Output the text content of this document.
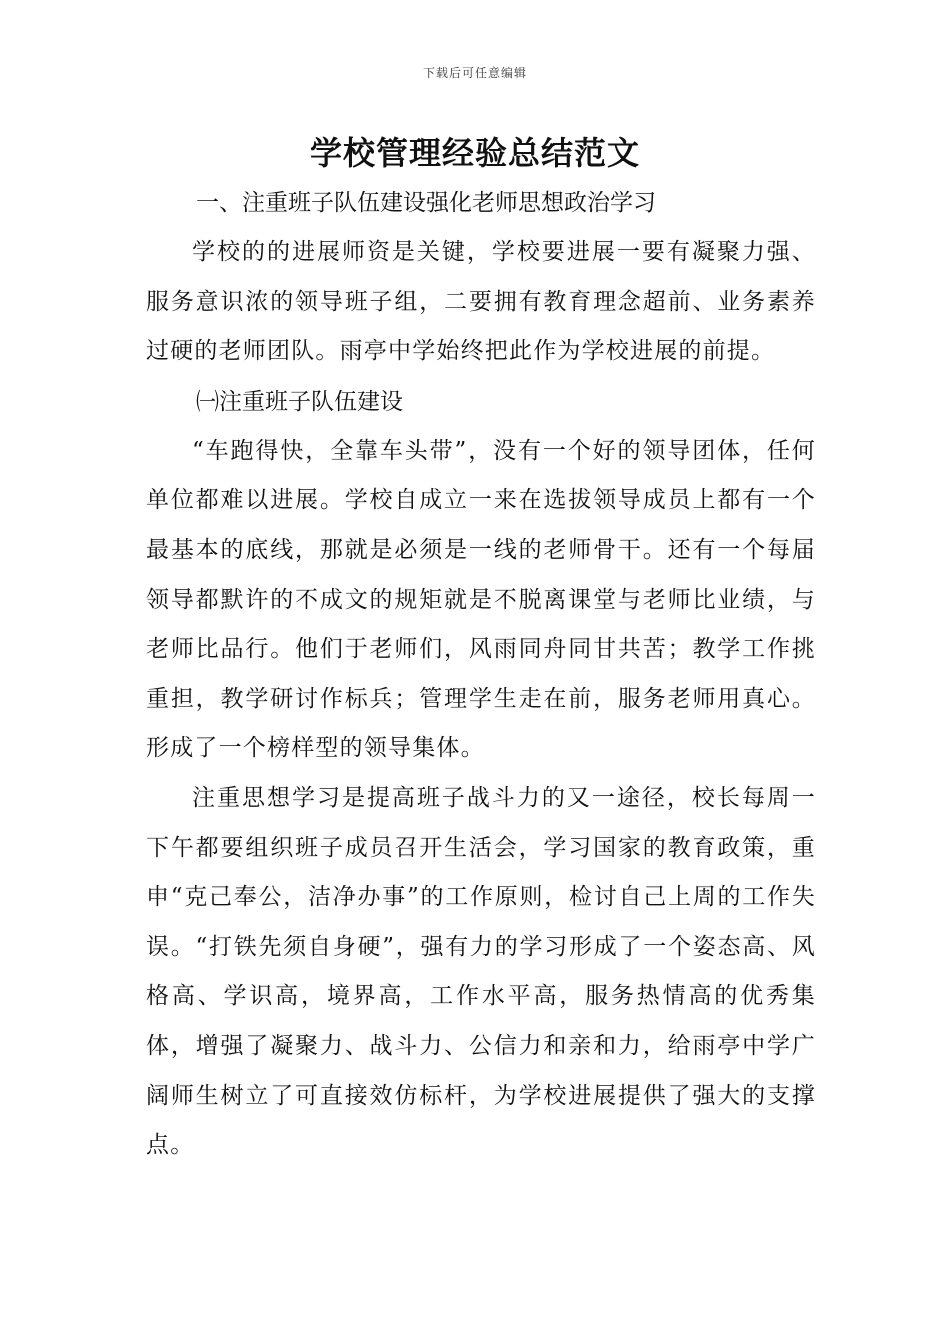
下载后可任意编辑
学校管理经验总结范文
一、注重班子队伍建设强化老师思想政治学习

学校的的进展师资是关键，学校要进展一要有凝聚力强、服务意识浓的领导班子组，二要拥有教育理念超前、业务素养过硬的老师团队。雨亭中学始终把此作为学校进展的前提。

㈠注重班子队伍建设

“车跑得快，全靠车头带”，没有一个好的领导团体，任何单位都难以进展。学校自成立一来在选拔领导成员上都有一个最基本的底线，那就是必须是一线的老师骨干。还有一个每届领导都默许的不成文的规矩就是不脱离课堂与老师比业绩，与老师比品行。他们于老师们，风雨同舟同甘共苦；教学工作挑重担，教学研讨作标兵；管理学生走在前，服务老师用真心。形成了一个榜样型的领导集体。

注重思想学习是提高班子战斗力的又一途径，校长每周一下午都要组织班子成员召开生活会，学习国家的教育政策，重申“克己奉公，洁净办事”的工作原则，检讨自己上周的工作失误。“打铁先须自身硬”，强有力的学习形成了一个姿态高、风格高、学识高，境界高，工作水平高，服务热情高的优秀集体，增强了凝聚力、战斗力、公信力和亲和力，给雨亭中学广阔师生树立了可直接效仿标杆，为学校进展提供了强大的支撑点。
